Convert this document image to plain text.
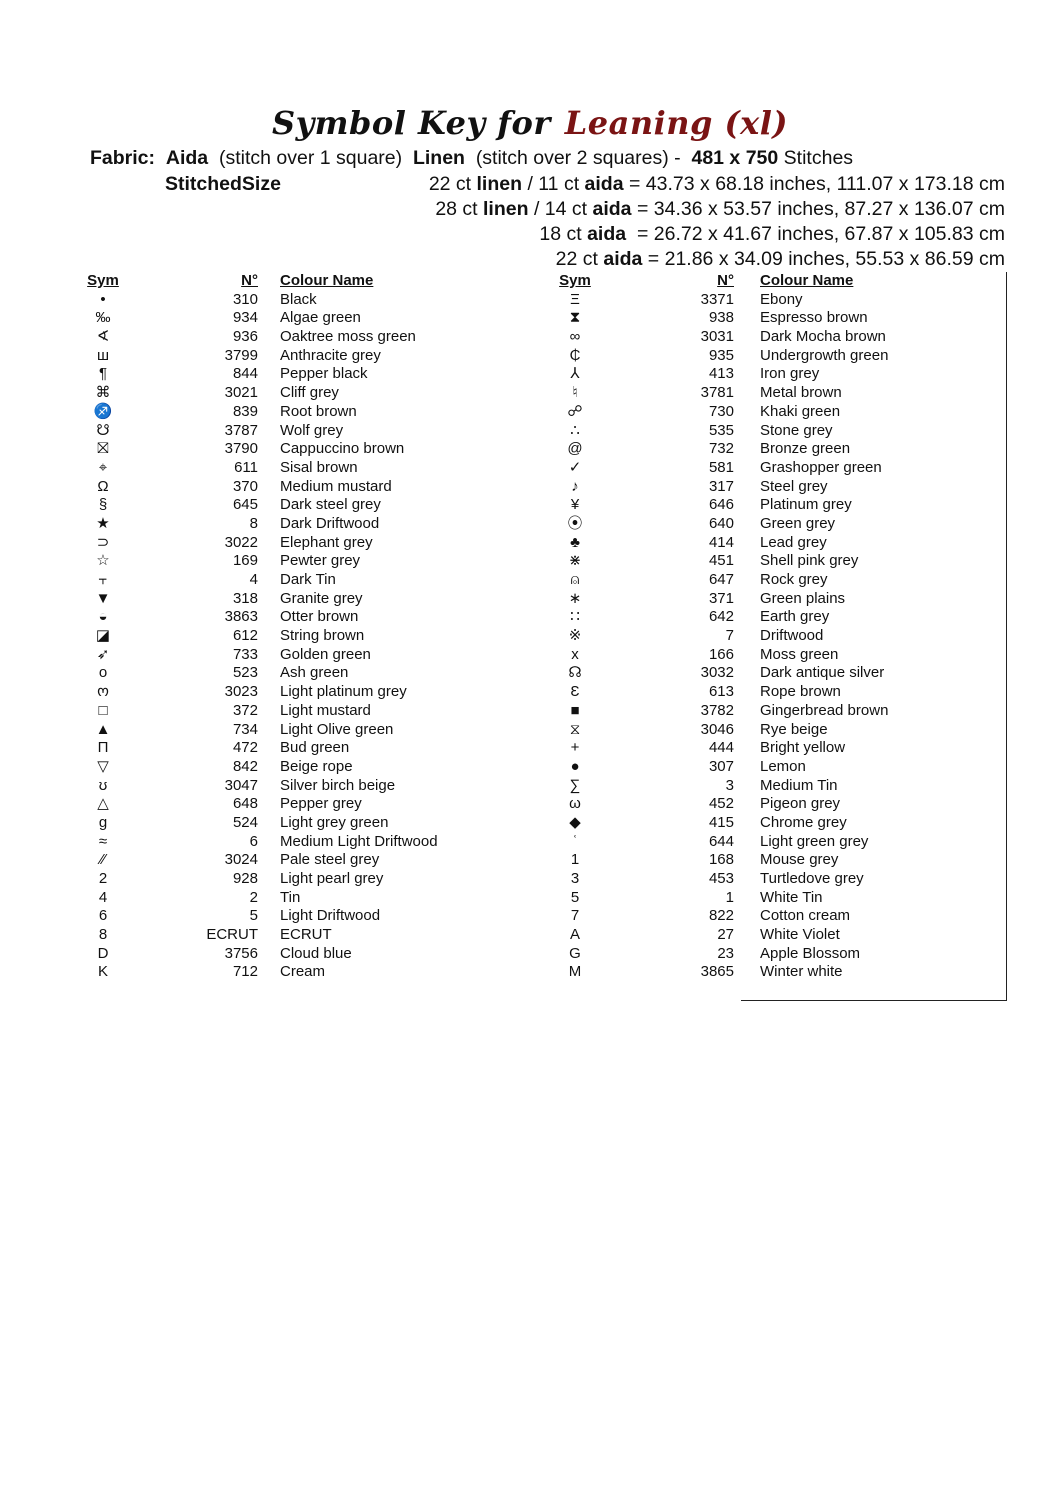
Symbol Key for Leaning (xl)
Fabric: Aida (stitch over 1 square) Linen (stitch over 2 squares) - 481 x 750 Stitches
StitchedSize	22 ct linen / 11 ct aida = 43.73 x 68.18 inches, 111.07 x 173.18 cm
28 ct linen / 14 ct aida = 34.36 x 53.57 inches, 87.27 x 136.07 cm
18 ct aida  = 26.72 x 41.67 inches, 67.87 x 105.83 cm
22 ct aida = 21.86 x 34.09 inches, 55.53 x 86.59 cm
Sym	N° Colour Name
•	310 Black
‰	934 Algae green
∢	936 Oaktree moss green
ш	3799 Anthracite grey
¶	844 Pepper black
⌘	3021 Cliff grey
♐	839 Root brown
☋	3787 Wolf grey
⛝	3790 Cappuccino brown
⌖	611 Sisal brown
Ω	370 Medium mustard
§	645 Dark steel grey
★	8 Dark Driftwood
⊃	3022 Elephant grey
☆	169 Pewter grey
⫟	4 Dark Tin
▼	318 Granite grey
◒	3863 Otter brown
◪	612 String brown
➶	733 Golden green
o	523 Ash green
ო	3023 Light platinum grey
□	372 Light mustard
▲	734 Light Olive green
Π	472 Bud green
▽	842 Beige rope
ʊ	3047 Silver birch beige
△	648 Pepper grey
g	524 Light grey green
≈	6 Medium Light Driftwood
⁄⁄	3024 Pale steel grey
2	928 Light pearl grey
4	2 Tin
6	5 Light Driftwood
8	ECRUT ECRUT
D	3756 Cloud blue
K	712 Cream
Sym	N° Colour Name
Ξ	3371 Ebony
⧗	938 Espresso brown
∞	3031 Dark Mocha brown
₵	935 Undergrowth green
⅄	413 Iron grey
♮	3781 Metal brown
☍	730 Khaki green
∴	535 Stone grey
@	732 Bronze green
✓	581 Grashopper green
♪	317 Steel grey
¥	646 Platinum grey
⦿	640 Green grey
♣	414 Lead grey
⋇	451 Shell pink grey
⍝	647 Rock grey
∗	371 Green plains
∷	642 Earth grey
※	7 Driftwood
x	166 Moss green
☊	3032 Dark antique silver
Ɛ	613 Rope brown
■	3782 Gingerbread brown
⧖	3046 Rye beige
+	444 Bright yellow
●	307 Lemon
∑	3 Medium Tin
ω	452 Pigeon grey
◆	415 Chrome grey
ʿ	644 Light green grey
1	168 Mouse grey
3	453 Turtledove grey
5	1 White Tin
7	822 Cotton cream
A	27 White Violet
G	23 Apple Blossom
M	3865 Winter white
